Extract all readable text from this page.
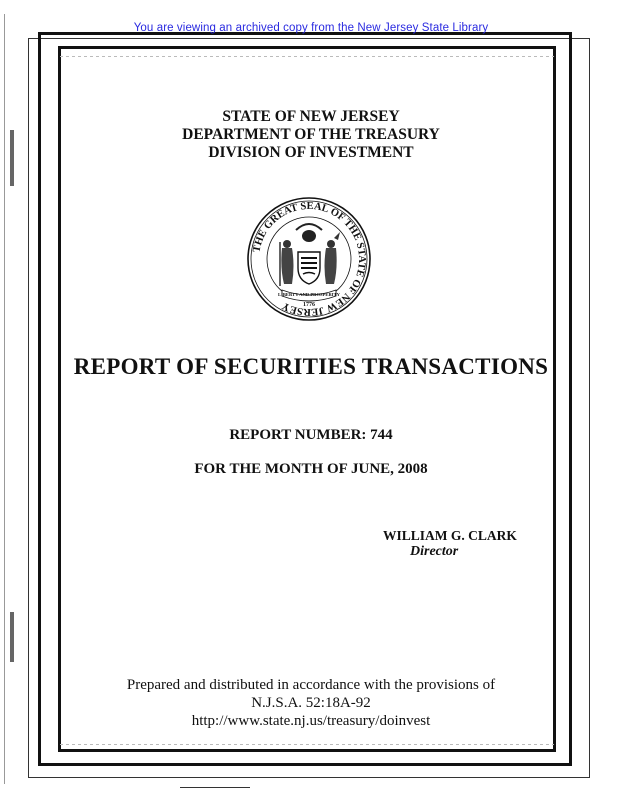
You are viewing an archived copy from the New Jersey State Library
STATE OF NEW JERSEY
DEPARTMENT OF THE TREASURY
DIVISION OF INVESTMENT
THE GREAT SEAL OF THE STATE OF NEW JERSEY
LIBERTY AND PROSPERITY
1776
REPORT OF SECURITIES TRANSACTIONS
REPORT NUMBER: 744
FOR THE MONTH OF JUNE, 2008
WILLIAM G. CLARK
Director
Prepared and distributed in accordance with the provisions of
N.J.S.A. 52:18A-92
http://www.state.nj.us/treasury/doinvest
